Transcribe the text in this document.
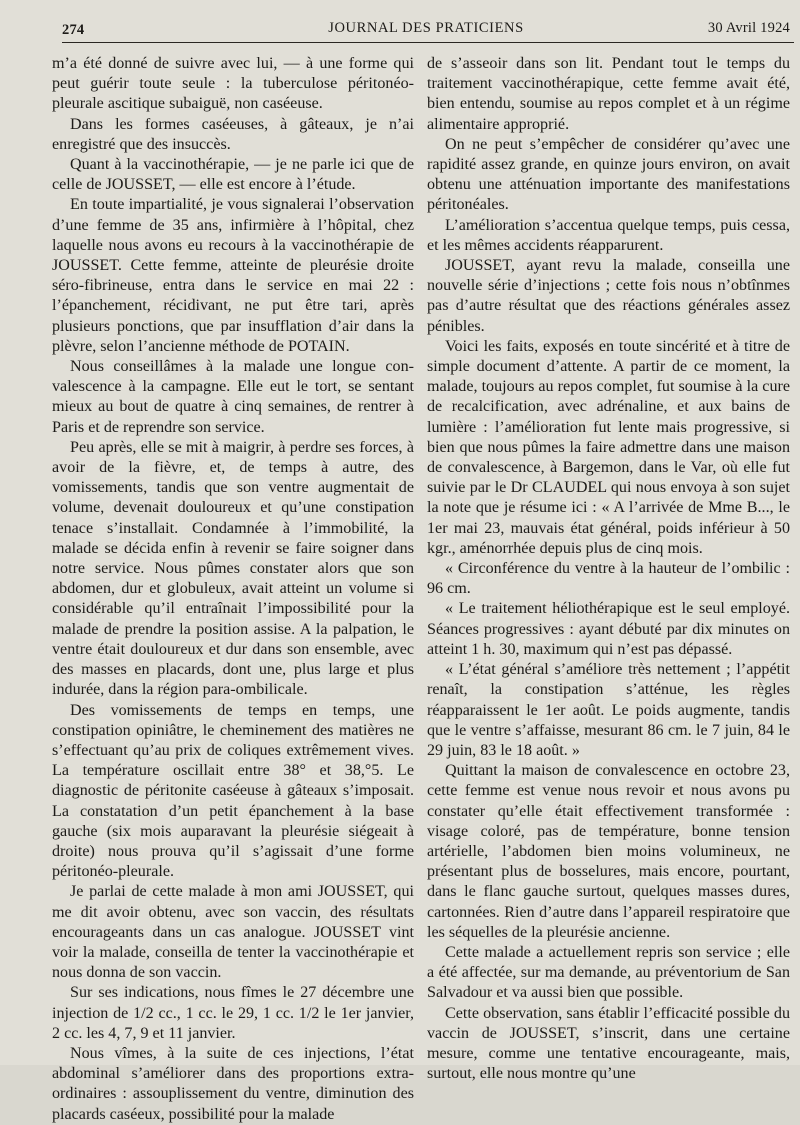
274	JOURNAL DES PRATICIENS	30 Avril 1924

m’a été donné de suivre avec lui, — à une forme qui peut guérir toute seule : la tuberculose péritonéo-pleurale ascitique subaiguë, non caséeuse.

Dans les formes caséeuses, à gâteaux, je n’ai enregistré que des insuccès.

Quant à la vaccinothérapie, — je ne parle ici que de celle de JOUSSET, — elle est encore à l’étude.

En toute impartialité, je vous signalerai l’observation d’une femme de 35 ans, infirmière à l’hôpital, chez laquelle nous avons eu recours à la vaccinothérapie de JOUSSET. Cette femme, atteinte de pleurésie droite séro-fibrineuse, entra dans le service en mai 22 : l’épanchement, récidivant, ne put être tari, après plusieurs ponctions, que par insufflation d’air dans la plèvre, selon l’ancienne méthode de POTAIN.

Nous conseillâmes à la malade une longue convalescence à la campagne. Elle eut le tort, se sentant mieux au bout de quatre à cinq semaines, de rentrer à Paris et de reprendre son service.

Peu après, elle se mit à maigrir, à perdre ses forces, à avoir de la fièvre, et, de temps à autre, des vomissements, tandis que son ventre augmentait de volume, devenait douloureux et qu’une constipation tenace s’installait. Condamnée à l’immobilité, la malade se décida enfin à revenir se faire soigner dans notre service. Nous pûmes constater alors que son abdomen, dur et globuleux, avait atteint un volume si considérable qu’il entraînait l’impossibilité pour la malade de prendre la position assise. A la palpation, le ventre était douloureux et dur dans son ensemble, avec des masses en placards, dont une, plus large et plus indurée, dans la région para-ombilicale.

Des vomissements de temps en temps, une constipation opiniâtre, le cheminement des matières ne s’effectuant qu’au prix de coliques extrêmement vives. La température oscillait entre 38° et 38,°5. Le diagnostic de péritonite caséeuse à gâteaux s’imposait. La constatation d’un petit épanchement à la base gauche (six mois auparavant la pleurésie siégeait à droite) nous prouva qu’il s’agissait d’une forme péritonéo-pleurale.

Je parlai de cette malade à mon ami JOUSSET, qui me dit avoir obtenu, avec son vaccin, des résultats encourageants dans un cas analogue. JOUSSET vint voir la malade, conseilla de tenter la vaccinothérapie et nous donna de son vaccin.

Sur ses indications, nous fîmes le 27 décembre une injection de 1/2 cc., 1 cc. le 29, 1 cc. 1/2 le 1er janvier, 2 cc. les 4, 7, 9 et 11 janvier.

Nous vîmes, à la suite de ces injections, l’état abdominal s’améliorer dans des proportions extraordinaires : assouplissement du ventre, diminution des placards caséeux, possibilité pour la malade

de s’asseoir dans son lit. Pendant tout le temps du traitement vaccinothérapique, cette femme avait été, bien entendu, soumise au repos complet et à un régime alimentaire approprié.

On ne peut s’empêcher de considérer qu’avec une rapidité assez grande, en quinze jours environ, on avait obtenu une atténuation importante des manifestations péritonéales.

L’amélioration s’accentua quelque temps, puis cessa, et les mêmes accidents réapparurent.

JOUSSET, ayant revu la malade, conseilla une nouvelle série d’injections ; cette fois nous n’obtînmes pas d’autre résultat que des réactions générales assez pénibles.

Voici les faits, exposés en toute sincérité et à titre de simple document d’attente. A partir de ce moment, la malade, toujours au repos complet, fut soumise à la cure de recalcification, avec adrénaline, et aux bains de lumière : l’amélioration fut lente mais progressive, si bien que nous pûmes la faire admettre dans une maison de convalescence, à Bargemon, dans le Var, où elle fut suivie par le Dr CLAUDEL qui nous envoya à son sujet la note que je résume ici : « A l’arrivée de Mme B..., le 1er mai 23, mauvais état général, poids inférieur à 50 kgr., aménorrhée depuis plus de cinq mois.

« Circonférence du ventre à la hauteur de l’ombilic : 96 cm.

« Le traitement héliothérapique est le seul employé. Séances progressives : ayant débuté par dix minutes on atteint 1 h. 30, maximum qui n’est pas dépassé.

« L’état général s’améliore très nettement ; l’appétit renaît, la constipation s’atténue, les règles réapparaissent le 1er août. Le poids augmente, tandis que le ventre s’affaisse, mesurant 86 cm. le 7 juin, 84 le 29 juin, 83 le 18 août. »

Quittant la maison de convalescence en octobre 23, cette femme est venue nous revoir et nous avons pu constater qu’elle était effectivement transformée : visage coloré, pas de température, bonne tension artérielle, l’abdomen bien moins volumineux, ne présentant plus de bosselures, mais encore, pourtant, dans le flanc gauche surtout, quelques masses dures, cartonnées. Rien d’autre dans l’appareil respiratoire que les séquelles de la pleurésie ancienne.

Cette malade a actuellement repris son service ; elle a été affectée, sur ma demande, au préventorium de San Salvadour et va aussi bien que possible.

Cette observation, sans établir l’efficacité possible du vaccin de JOUSSET, s’inscrit, dans une certaine mesure, comme une tentative encourageante, mais, surtout, elle nous montre qu’une
